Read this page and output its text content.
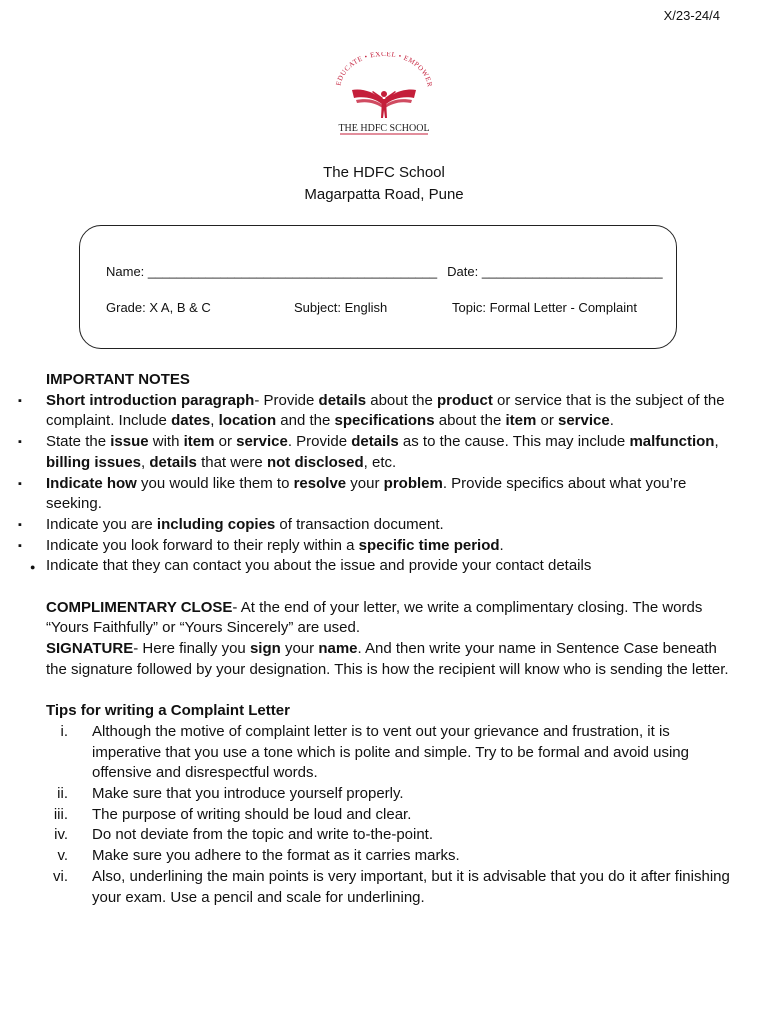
X/23-24/4
EDUCATE • EXCEL • EMPOWER
THE HDFC SCHOOL
The HDFC School
Magarpatta Road, Pune
Name:
________________________________________ Date:
_________________________
Grade: X A, B & C	Subject: English	Topic: Formal Letter - Complaint
IMPORTANT NOTES
▪ Short introduction paragraph- Provide details about the product or service that is the subject of the complaint. Include dates, location and the specifications about the item or service.
▪ State the issue with item or service. Provide details as to the cause. This may include malfunction, billing issues, details that were not disclosed, etc.
▪ Indicate how you would like them to resolve your problem. Provide specifics about what you’re seeking.
▪ Indicate you are including copies of transaction document.
▪ Indicate you look forward to their reply within a specific time period.
● Indicate that they can contact you about the issue and provide your contact details
COMPLIMENTARY CLOSE- At the end of your letter, we write a complimentary closing. The words “Yours Faithfully” or “Yours Sincerely” are used.
SIGNATURE- Here finally you sign your name. And then write your name in Sentence Case beneath the signature followed by your designation. This is how the recipient will know who is sending the letter.
Tips for writing a Complaint Letter
i. Although the motive of complaint letter is to vent out your grievance and frustration, it is imperative that you use a tone which is polite and simple. Try to be formal and avoid using offensive and disrespectful words.
ii. Make sure that you introduce yourself properly.
iii. The purpose of writing should be loud and clear.
iv. Do not deviate from the topic and write to-the-point.
v. Make sure you adhere to the format as it carries marks.
vi. Also, underlining the main points is very important, but it is advisable that you do it after finishing your exam. Use a pencil and scale for underlining.
